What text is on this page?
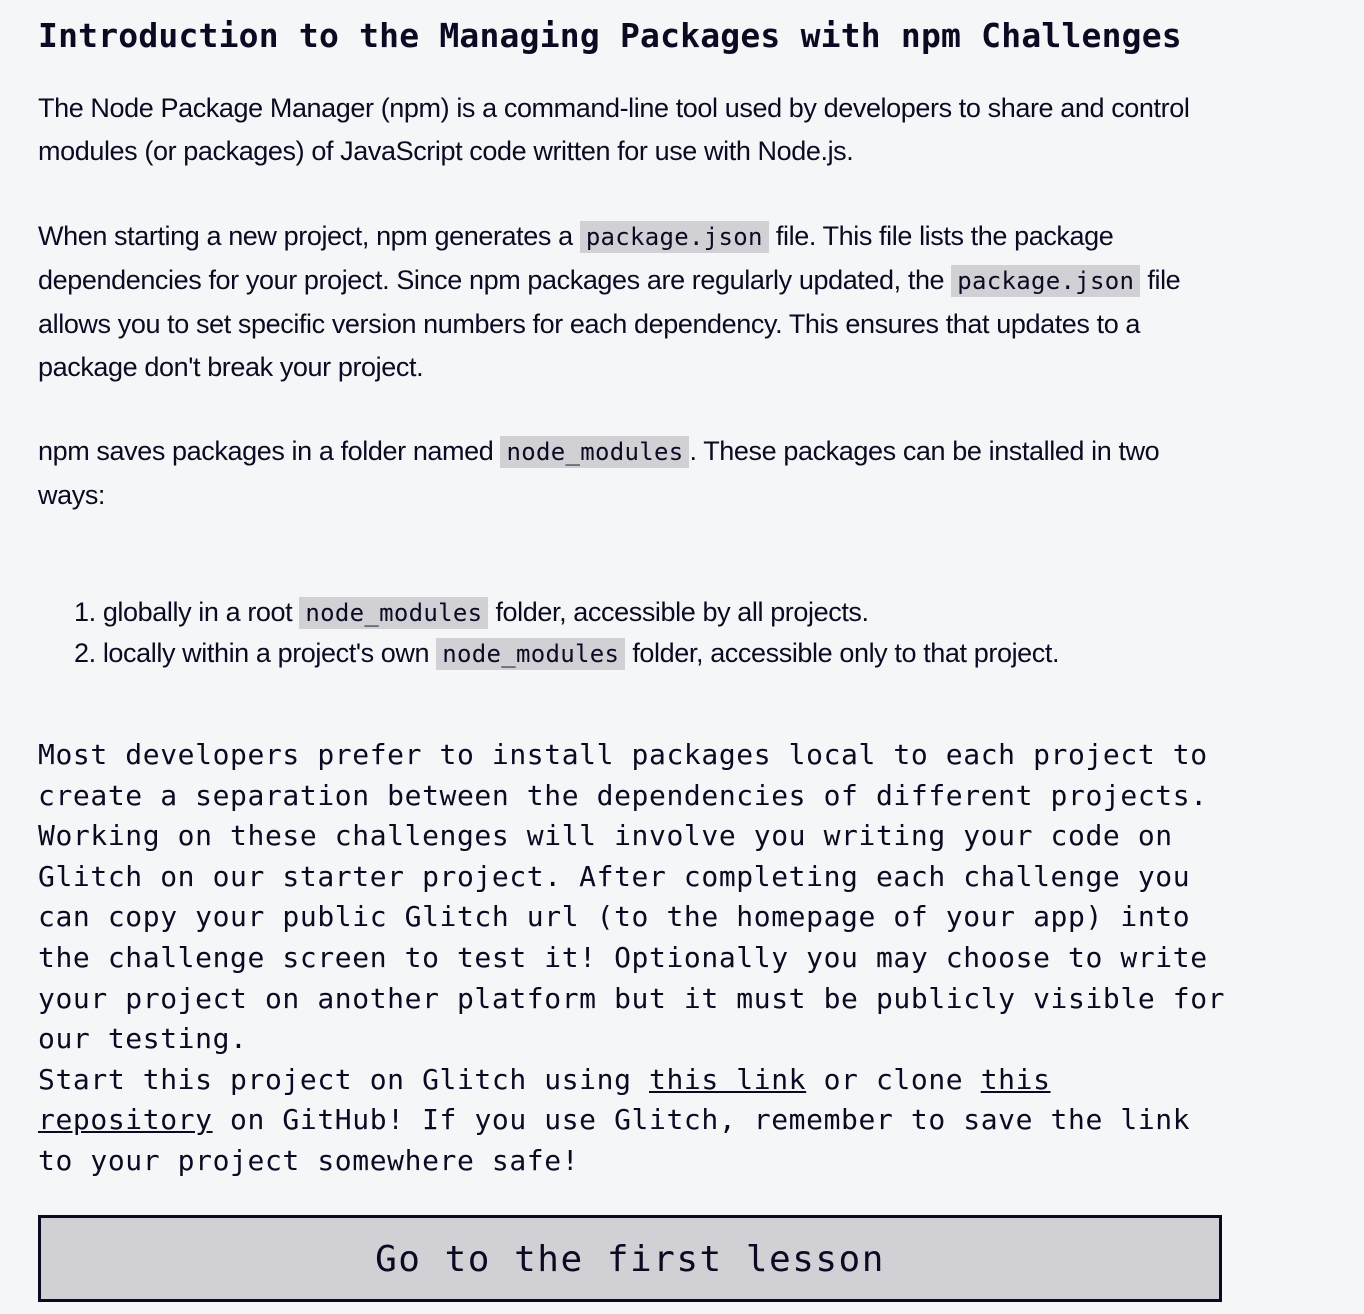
Introduction to the Managing Packages with npm Challenges

The Node Package Manager (npm) is a command-line tool used by developers to share and control modules (or packages) of JavaScript code written for use with Node.js.

When starting a new project, npm generates a package.json file. This file lists the package dependencies for your project. Since npm packages are regularly updated, the package.json file allows you to set specific version numbers for each dependency. This ensures that updates to a package don't break your project.

npm saves packages in a folder named node_modules . These packages can be installed in two ways:

1. globally in a root node_modules folder, accessible by all projects.
2. locally within a project's own node_modules folder, accessible only to that project.
Most developers prefer to install packages local to each project to create a separation between the dependencies of different projects. Working on these challenges will involve you writing your code on Glitch on our starter project. After completing each challenge you can copy your public Glitch url (to the homepage of your app) into the challenge screen to test it! Optionally you may choose to write your project on another platform but it must be publicly visible for our testing.
Start this project on Glitch using this link or clone this repository on GitHub! If you use Glitch, remember to save the link to your project somewhere safe!
Go to the first lesson
